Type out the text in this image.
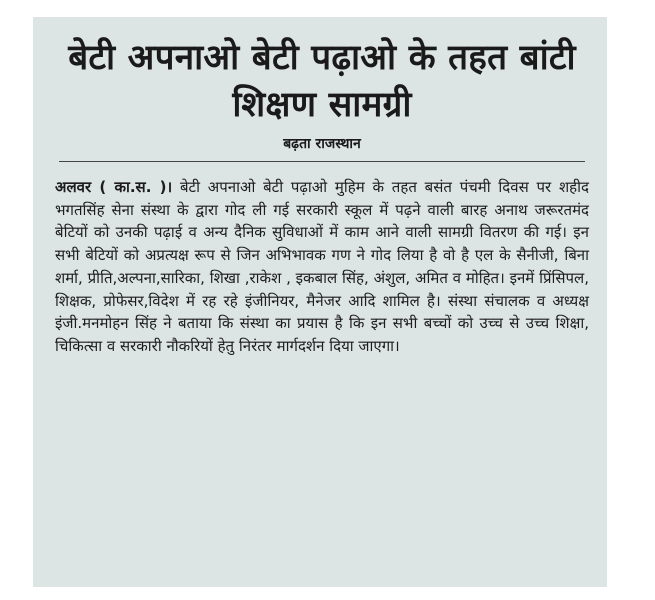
बेटी अपनाओ बेटी पढ़ाओ के तहत बांटी शिक्षण सामग्री
बढ़ता राजस्थान

अलवर ( का.स. )। बेटी अपनाओ बेटी पढ़ाओ मुहिम के तहत बसंत पंचमी दिवस पर शहीद भगतसिंह सेना संस्था के द्वारा गोद ली गई सरकारी स्कूल में पढ़ने वाली बारह अनाथ जरूरतमंद बेटियों को उनकी पढ़ाई व अन्य दैनिक सुविधाओं में काम आने वाली सामग्री वितरण की गई। इन सभी बेटियों को अप्रत्यक्ष रूप से जिन अभिभावक गण ने गोद लिया है वो है एल के सैनीजी, बिना शर्मा, प्रीति,अल्पना,सारिका, शिखा ,राकेश , इकबाल सिंह, अंशुल, अमित व मोहित। इनमें प्रिंसिपल, शिक्षक, प्रोफेसर,विदेश में रह रहे इंजीनियर, मैनेजर आदि शामिल है। संस्था संचालक व अध्यक्ष इंजी.मनमोहन सिंह ने बताया कि संस्था का प्रयास है कि इन सभी बच्चों को उच्च से उच्च शिक्षा, चिकित्सा व सरकारी नौकरियों हेतु निरंतर मार्गदर्शन दिया जाएगा।
